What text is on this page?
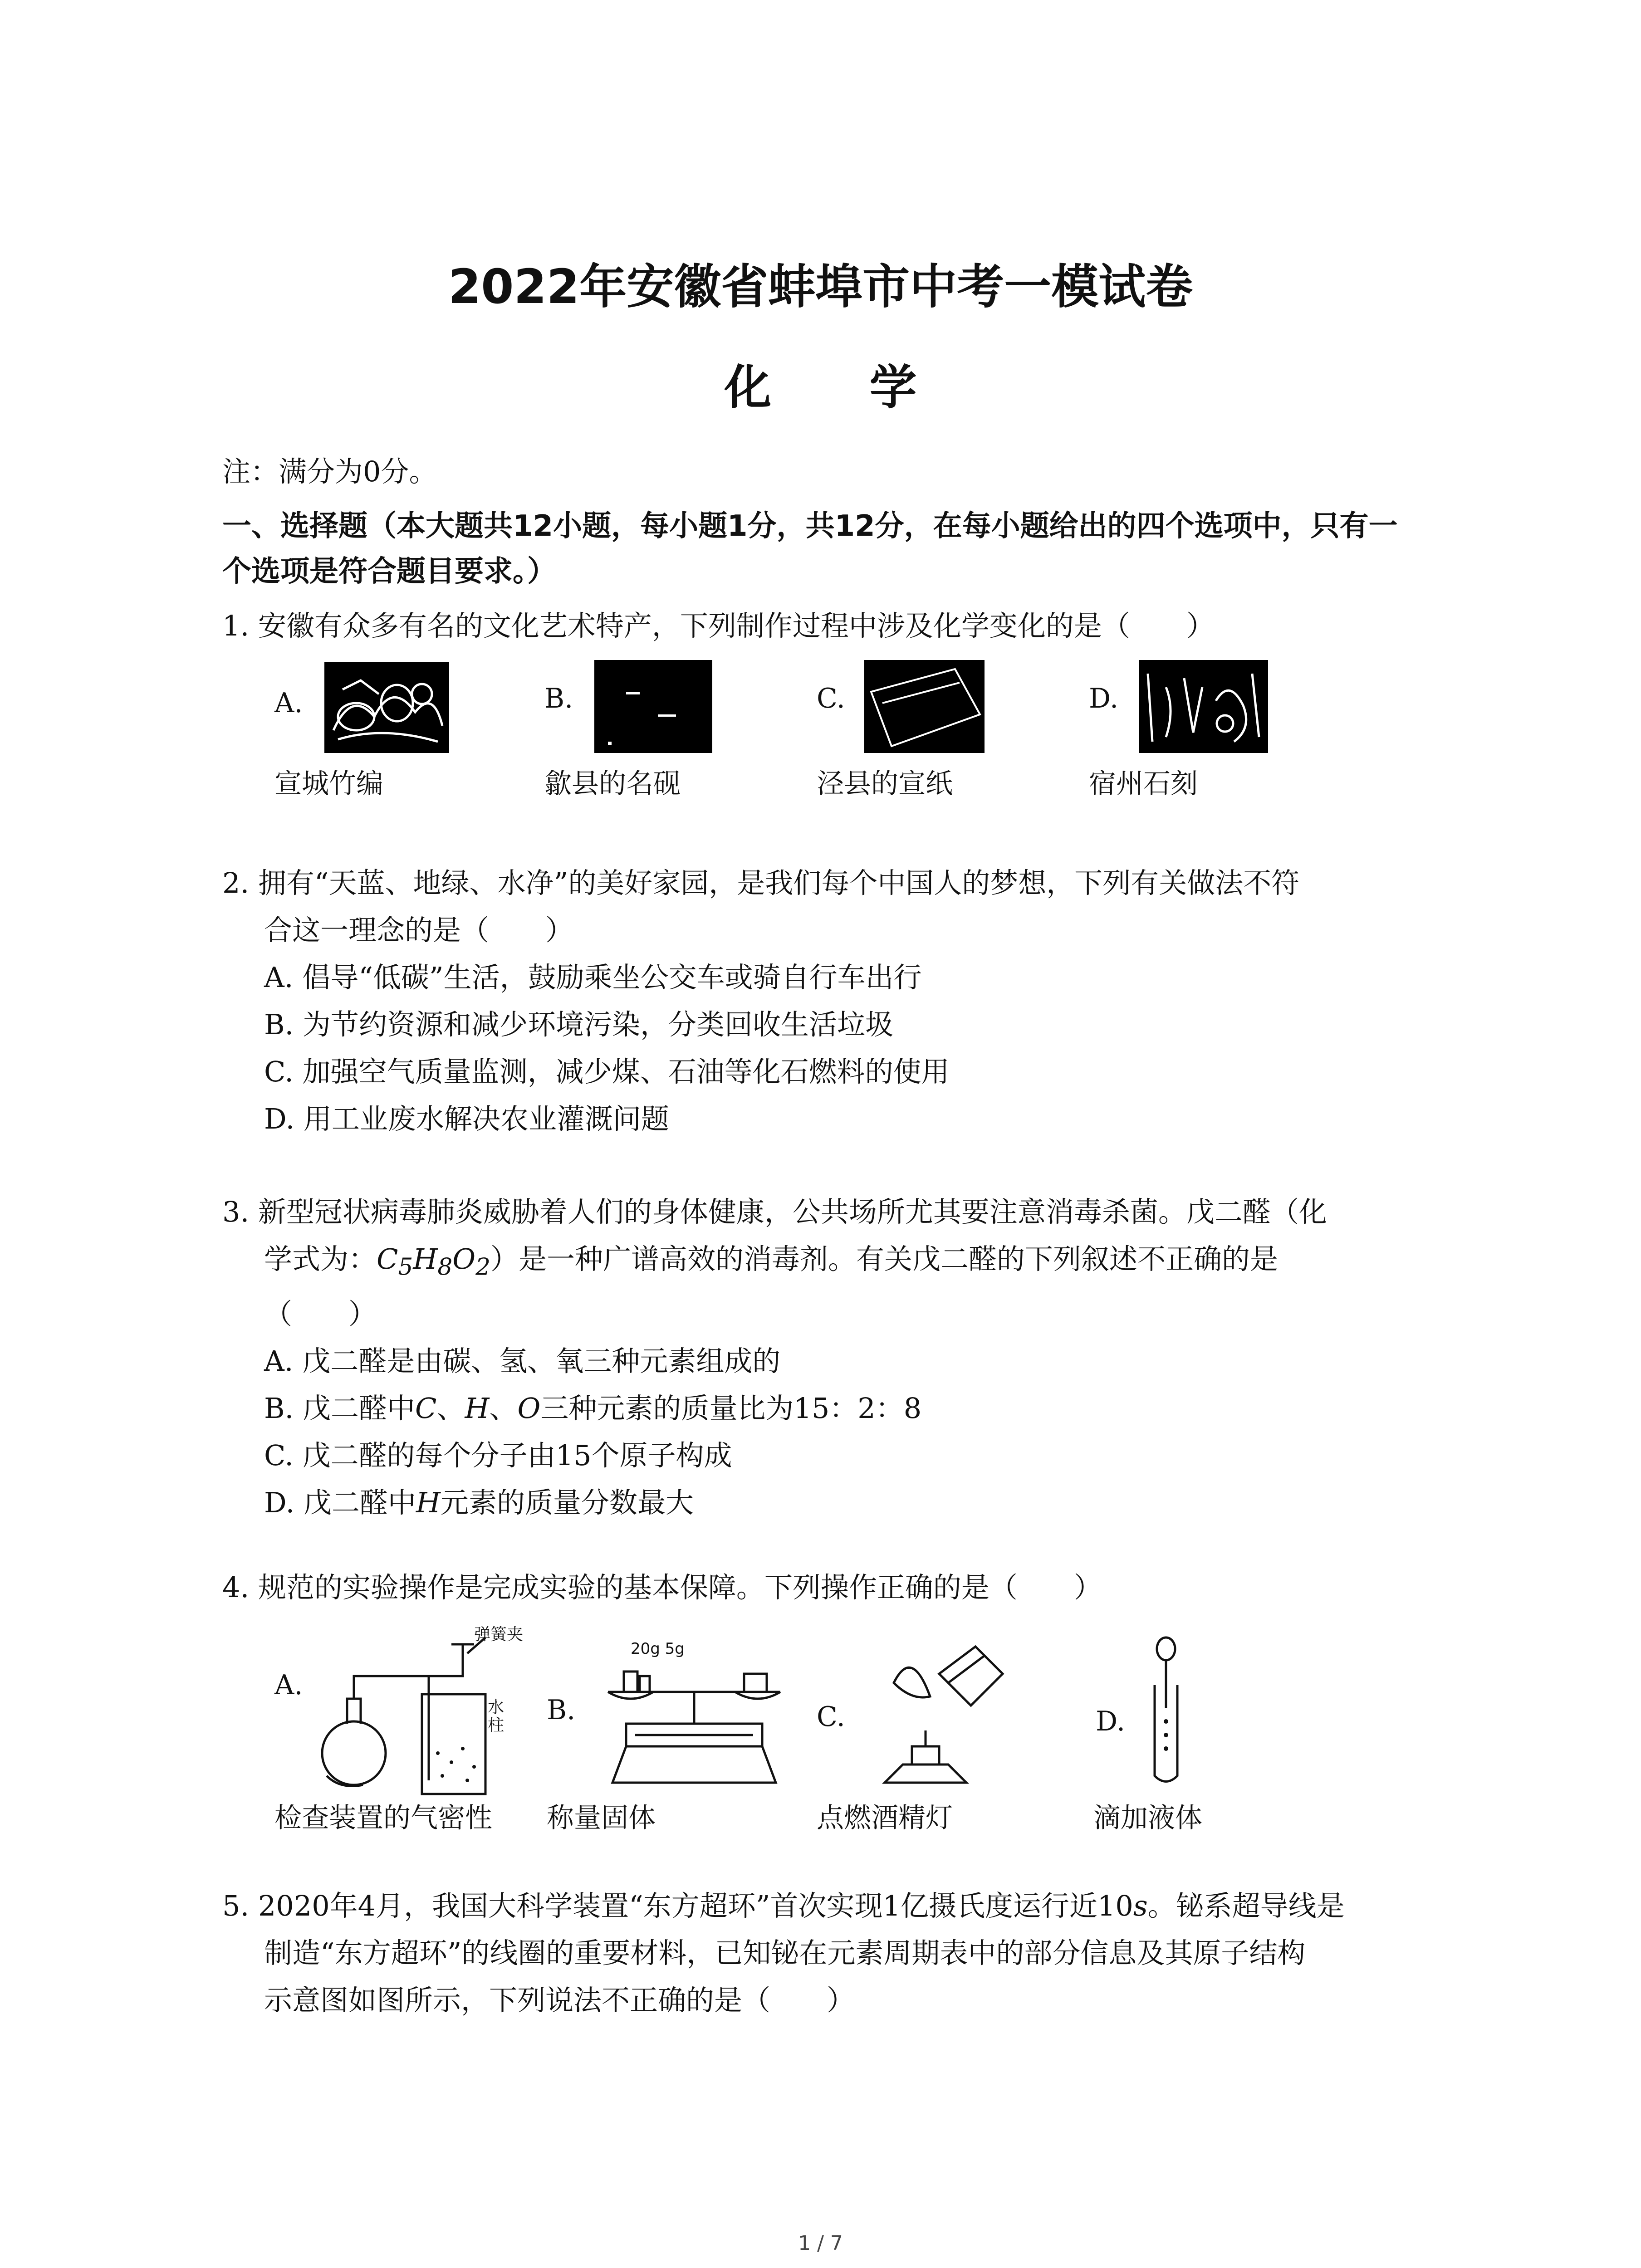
2022年安徽省蚌埠市中考一模试卷
化 学
注：满分为0分。
一、选择题（本大题共12小题，每小题1分，共12分，在每小题给出的四个选项中，只有一
个选项是符合题目要求。）
1. 安徽有众多有名的文化艺术特产，下列制作过程中涉及化学变化的是（　　）
A.
宣城竹编
B.
歙县的名砚
C.
泾县的宣纸
D.
宿州石刻
2. 拥有“天蓝、地绿、水净”的美好家园，是我们每个中国人的梦想，下列有关做法不符
合这一理念的是（　　）
A. 倡导“低碳”生活，鼓励乘坐公交车或骑自行车出行
B. 为节约资源和减少环境污染，分类回收生活垃圾
C. 加强空气质量监测，减少煤、石油等化石燃料的使用
D. 用工业废水解决农业灌溉问题
3. 新型冠状病毒肺炎威胁着人们的身体健康，公共场所尤其要注意消毒杀菌。戊二醛（化
学式为：$C_5H_8O_2$）是一种广谱高效的消毒剂。有关戊二醛的下列叙述不正确的是
（　　）
A. 戊二醛是由碳、氢、氧三种元素组成的
B. 戊二醛中C、H、O三种元素的质量比为15：2：8
C. 戊二醛的每个分子由15个原子构成
D. 戊二醛中H元素的质量分数最大
4. 规范的实验操作是完成实验的基本保障。下列操作正确的是（　　）
A.
弹簧夹
水
柱
检查装置的气密性
B.
20g 5g
称量固体
C.
点燃酒精灯
D.
滴加液体
5. 2020年4月，我国大科学装置“东方超环”首次实现1亿摄氏度运行近10s。铋系超导线是
制造“东方超环”的线圈的重要材料，已知铋在元素周期表中的部分信息及其原子结构
示意图如图所示，下列说法不正确的是（　　）
1 / 7
